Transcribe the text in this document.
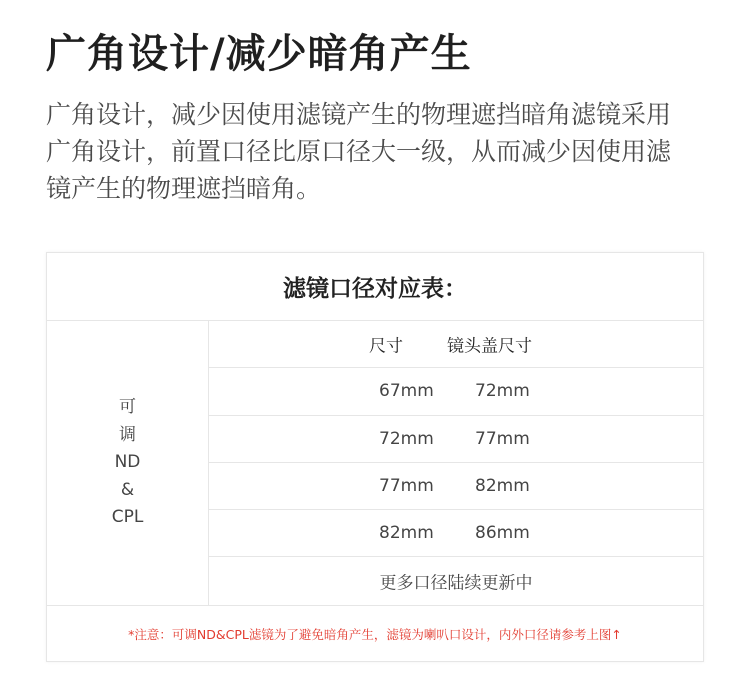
广角设计/减少暗角产生

广角设计，减少因使用滤镜产生的物理遮挡暗角滤镜采用广角设计，前置口径比原口径大一级，从而减少因使用滤镜产生的物理遮挡暗角。

滤镜口径对应表：
可
调
ND
&
CPL
尺寸	镜头盖尺寸
67mm 72mm
72mm 77mm
77mm 82mm
82mm 86mm
更多口径陆续更新中
*注意：可调ND&CPL滤镜为了避免暗角产生，滤镜为喇叭口设计，内外口径请参考上图↑
